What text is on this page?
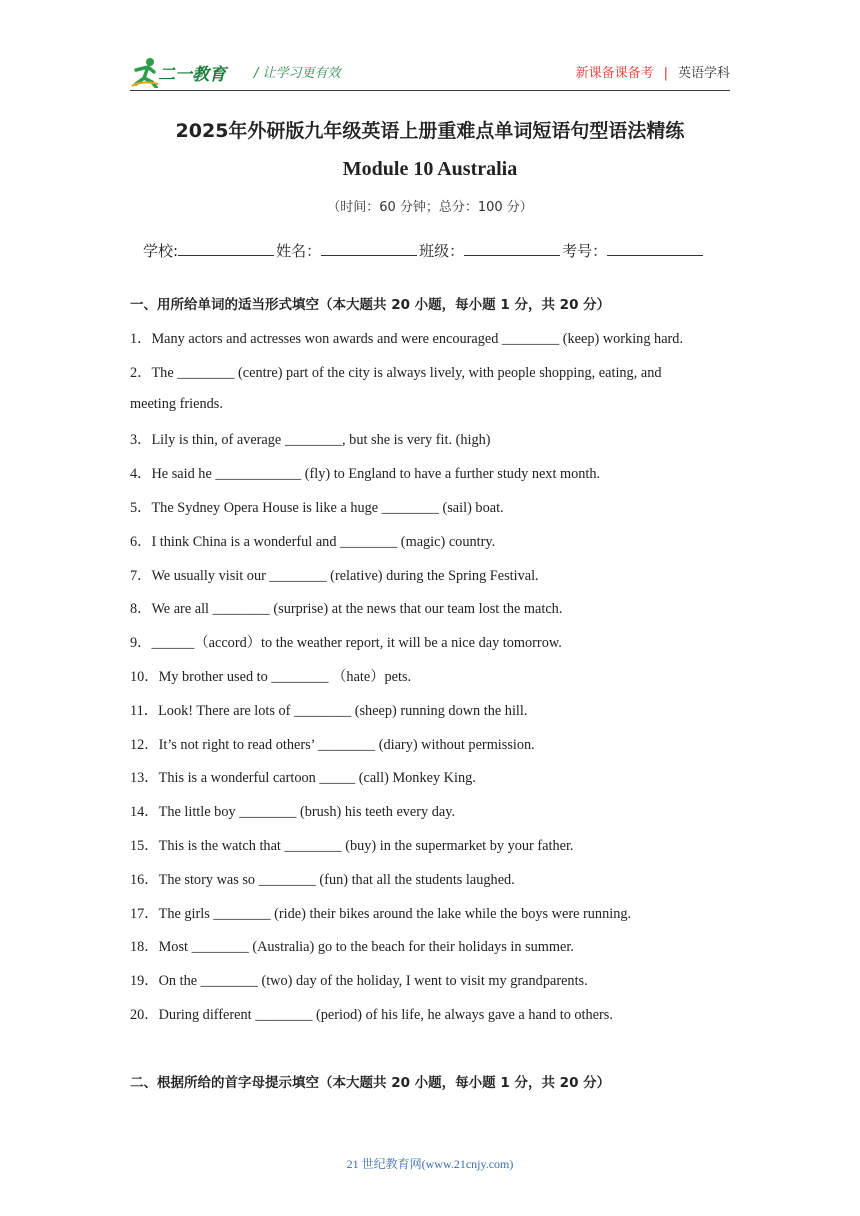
二一教育 / 让学习更有效	新课备课备考 | 英语学科
2025年外研版九年级英语上册重难点单词短语句型语法精练
Module 10 Australia
（时间：60 分钟；总分：100 分）
学校:	姓名：	班级：	考号：
一、用所给单词的适当形式填空（本大题共 20 小题，每小题 1 分，共 20 分）
1．Many actors and actresses won awards and were encouraged ________ (keep) working hard.
2．The ________ (centre) part of the city is always lively, with people shopping, eating, and
meeting friends.
3．Lily is thin, of average ________, but she is very fit. (high)
4．He said he ____________ (fly) to England to have a further study next month.
5．The Sydney Opera House is like a huge ________ (sail) boat.
6．I think China is a wonderful and ________ (magic) country.
7．We usually visit our ________ (relative) during the Spring Festival.
8．We are all ________ (surprise) at the news that our team lost the match.
9．______（accord）to the weather report, it will be a nice day tomorrow.
10．My brother used to ________ （hate）pets.
11．Look! There are lots of ________ (sheep) running down the hill.
12．It’s not right to read others’ ________ (diary) without permission.
13．This is a wonderful cartoon _____ (call) Monkey King.
14．The little boy ________ (brush) his teeth every day.
15．This is the watch that ________ (buy) in the supermarket by your father.
16．The story was so ________ (fun) that all the students laughed.
17．The girls ________ (ride) their bikes around the lake while the boys were running.
18．Most ________ (Australia) go to the beach for their holidays in summer.
19．On the ________ (two) day of the holiday, I went to visit my grandparents.
20．During different ________ (period) of his life, he always gave a hand to others.
二、根据所给的首字母提示填空（本大题共 20 小题，每小题 1 分，共 20 分）
21 世纪教育网(www.21cnjy.com)
